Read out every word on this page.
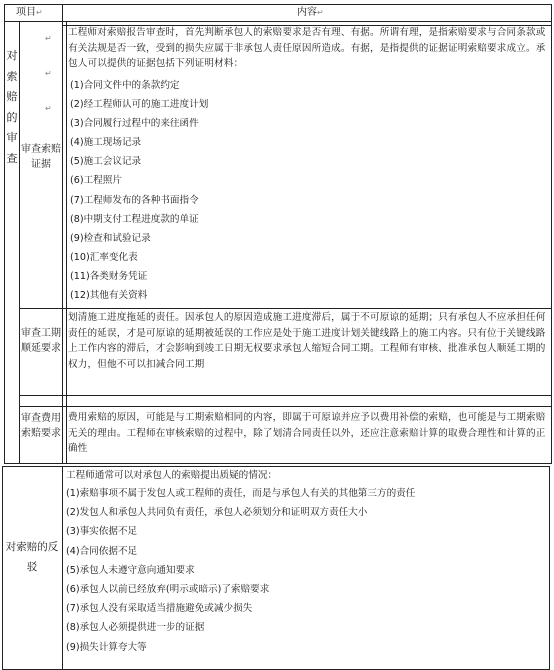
项目↵	内容↵
对
索
赔
的
审
查
↵
↵
↵
审查索赔证据
工程师对索赔报告审查时，首先判断承包人的索赔要求是否有理、有据。所谓有理，是指索赔要求与合同条款或有关法规是否一致，受到的损失应属于非承包人责任原因所造成。有据，是指提供的证据证明索赔要求成立。承包人可以提供的证据包括下列证明材料：
(1)合同文件中的条款约定
(2)经工程师认可的施工进度计划
(3)合同履行过程中的来往函件
(4)施工现场记录
(5)施工会议记录
(6)工程照片
(7)工程师发布的各种书面指令
(8)中期支付工程进度款的单证
(9)检查和试验记录
(10)汇率变化表
(11)各类财务凭证
(12)其他有关资料
审查工期顺延要求
划清施工进度拖延的责任。因承包人的原因造成施工进度滞后，属于不可原谅的延期；只有承包人不应承担任何责任的延误，才是可原谅的延期被延误的工作应是处于施工进度计划关键线路上的施工内容。只有位于关键线路上工作内容的滞后，才会影响到竣工日期无权要求承包人缩短合同工期。工程师有审核、批准承包人顺延工期的权力，但他不可以扣减合同工期
审查费用索赔要求
费用索赔的原因，可能是与工期索赔相同的内容，即属于可原谅并应予以费用补偿的索赔，也可能是与工期索赔无关的理由。工程师在审核索赔的过程中，除了划清合同责任以外，还应注意索赔计算的取费合理性和计算的正确性
对索赔的反驳
工程师通常可以对承包人的索赔提出质疑的情况：
(1)索赔事项不属于发包人或工程师的责任，而是与承包人有关的其他第三方的责任
(2)发包人和承包人共同负有责任，承包人必须划分和证明双方责任大小
(3)事实依据不足
(4)合同依据不足
(5)承包人未遵守意向通知要求
(6)承包人以前已经放弃(明示或暗示)了索赔要求
(7)承包人没有采取适当措施避免或减少损失
(8)承包人必须提供进一步的证据
(9)损失计算夸大等
